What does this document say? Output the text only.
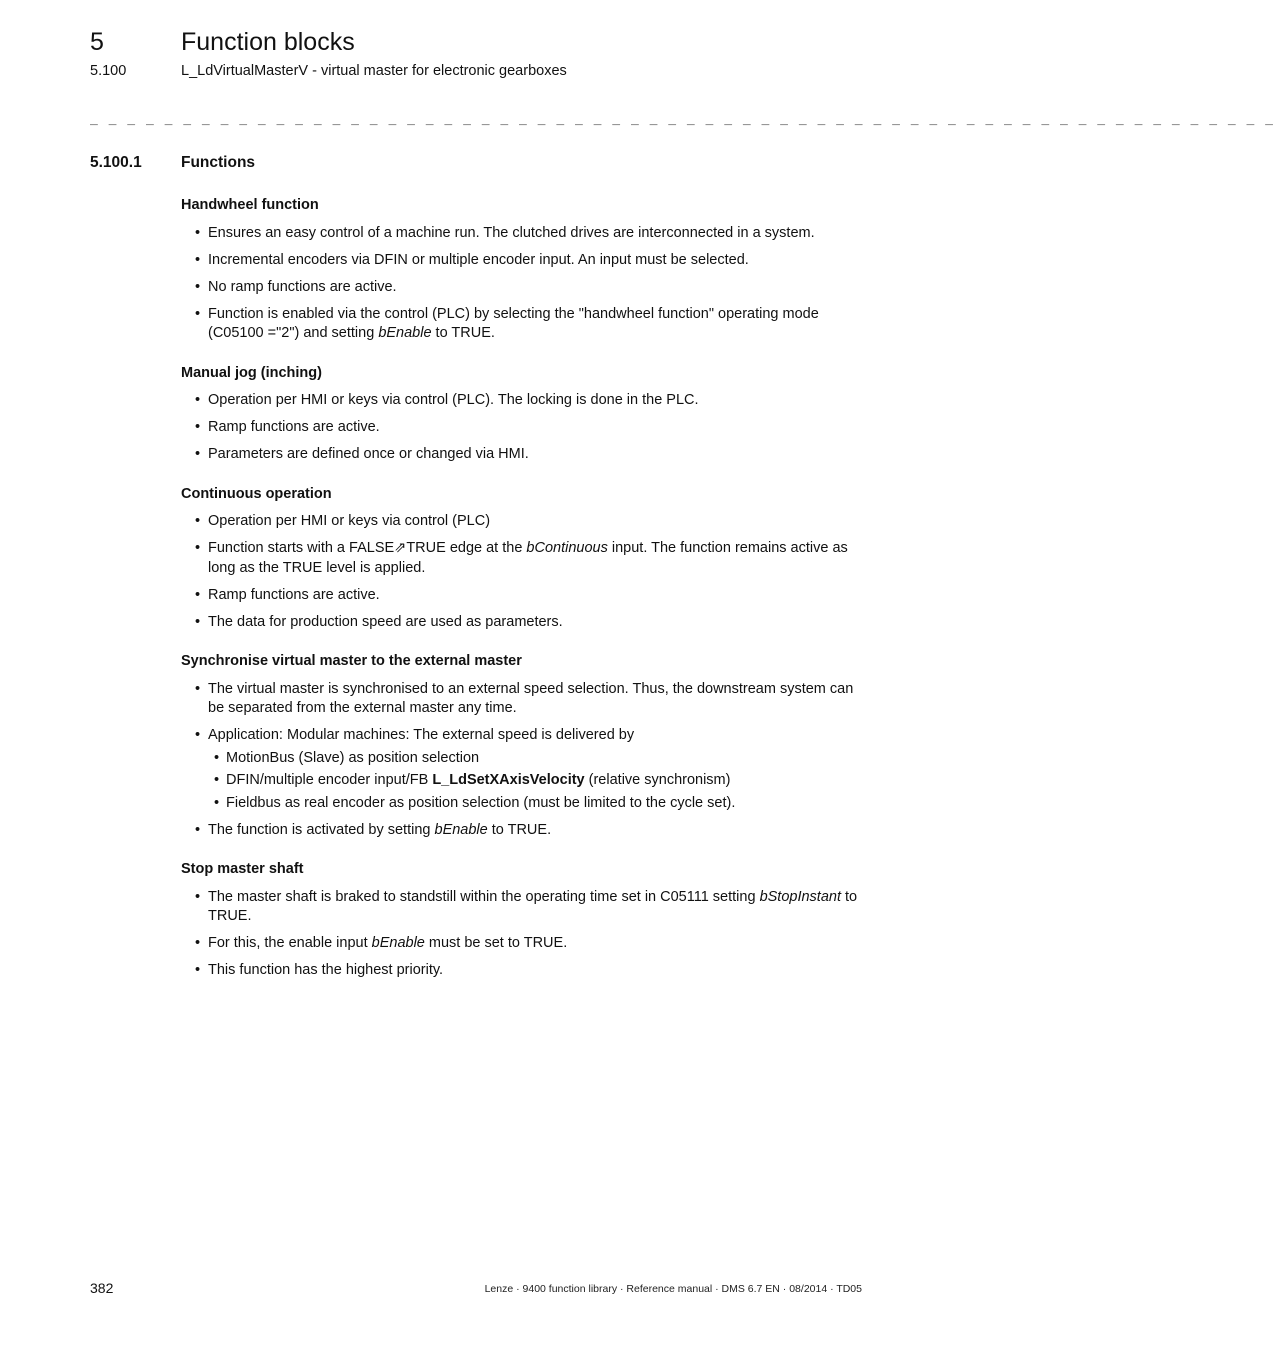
5	Function blocks
5.100	L_LdVirtualMasterV - virtual master for electronic gearboxes
_ _ _ _ _ _ _ _ _ _ _ _ _ _ _ _ _ _ _ _ _ _ _ _ _ _ _ _ _ _ _ _ _ _ _ _ _ _ _ _ _ _ _ _ _ _ _ _ _ _ _ _ _ _ _ _ _ _ _ _ _ _ _ _
5.100.1	Functions
Handwheel function
• Ensures an easy control of a machine run. The clutched drives are interconnected in a system.
• Incremental encoders via DFIN or multiple encoder input. An input must be selected.
• No ramp functions are active.
• Function is enabled via the control (PLC) by selecting the "handwheel function" operating mode (C05100 ="2") and setting bEnable to TRUE.
Manual jog (inching)
• Operation per HMI or keys via control (PLC). The locking is done in the PLC.
• Ramp functions are active.
• Parameters are defined once or changed via HMI.
Continuous operation
• Operation per HMI or keys via control (PLC)
• Function starts with a FALSE⇗TRUE edge at the bContinuous input. The function remains active as long as the TRUE level is applied.
• Ramp functions are active.
• The data for production speed are used as parameters.
Synchronise virtual master to the external master
• The virtual master is synchronised to an external speed selection. Thus, the downstream system can be separated from the external master any time.
• Application: Modular machines: The external speed is delivered by
• MotionBus (Slave) as position selection
• DFIN/multiple encoder input/FB L_LdSetXAxisVelocity (relative synchronism)
• Fieldbus as real encoder as position selection (must be limited to the cycle set).
• The function is activated by setting bEnable to TRUE.
Stop master shaft
• The master shaft is braked to standstill within the operating time set in C05111 setting bStopInstant to TRUE.
• For this, the enable input bEnable must be set to TRUE.
• This function has the highest priority.
382	Lenze · 9400 function library · Reference manual · DMS 6.7 EN · 08/2014 · TD05
